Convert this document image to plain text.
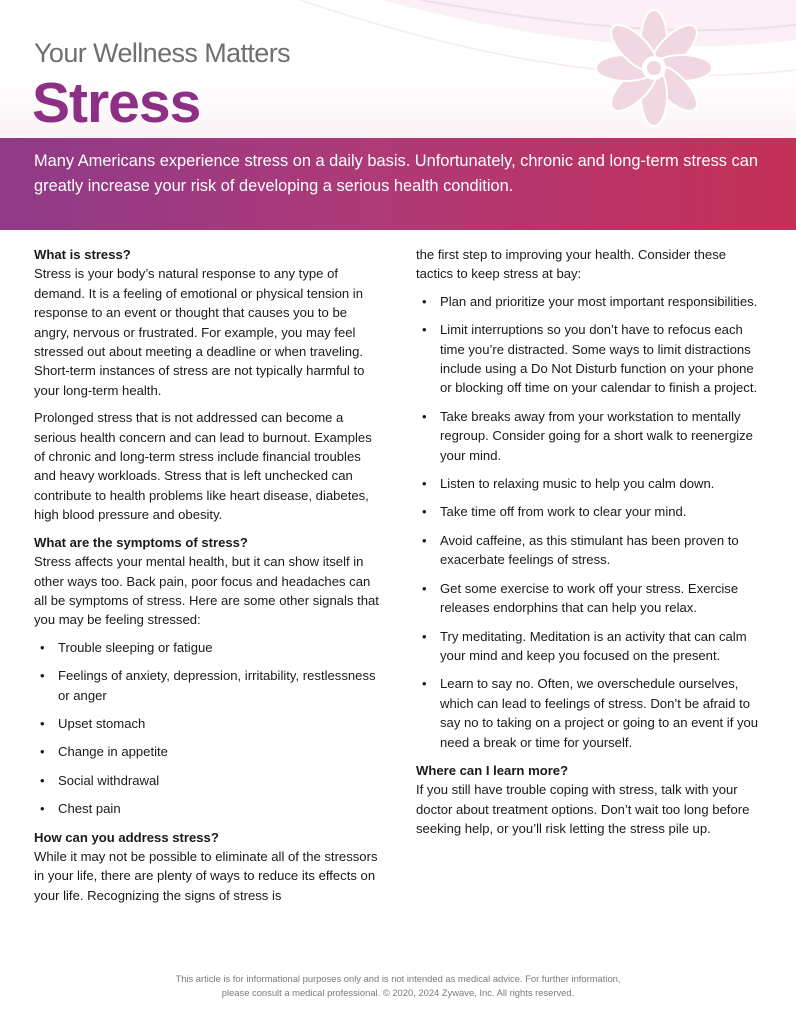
Your Wellness Matters
Stress
Many Americans experience stress on a daily basis. Unfortunately, chronic and long-term stress can greatly increase your risk of developing a serious health condition.
What is stress?

Stress is your body’s natural response to any type of demand. It is a feeling of emotional or physical tension in response to an event or thought that causes you to be angry, nervous or frustrated. For example, you may feel stressed out about meeting a deadline or when traveling. Short-term instances of stress are not typically harmful to your long-term health.

Prolonged stress that is not addressed can become a serious health concern and can lead to burnout. Examples of chronic and long-term stress include financial troubles and heavy workloads. Stress that is left unchecked can contribute to health problems like heart disease, diabetes, high blood pressure and obesity.

What are the symptoms of stress?

Stress affects your mental health, but it can show itself in other ways too. Back pain, poor focus and headaches can all be symptoms of stress. Here are some other signals that you may be feeling stressed:

• Trouble sleeping or fatigue
• Feelings of anxiety, depression, irritability, restlessness or anger
• Upset stomach
• Change in appetite
• Social withdrawal
• Chest pain
How can you address stress?

While it may not be possible to eliminate all of the stressors in your life, there are plenty of ways to reduce its effects on your life. Recognizing the signs of stress is

the first step to improving your health. Consider these tactics to keep stress at bay:

• Plan and prioritize your most important responsibilities.
• Limit interruptions so you don’t have to refocus each time you’re distracted. Some ways to limit distractions include using a Do Not Disturb function on your phone or blocking off time on your calendar to finish a project.
• Take breaks away from your workstation to mentally regroup. Consider going for a short walk to reenergize your mind.
• Listen to relaxing music to help you calm down.
• Take time off from work to clear your mind.
• Avoid caffeine, as this stimulant has been proven to exacerbate feelings of stress.
• Get some exercise to work off your stress. Exercise releases endorphins that can help you relax.
• Try meditating. Meditation is an activity that can calm your mind and keep you focused on the present.
• Learn to say no. Often, we overschedule ourselves, which can lead to feelings of stress. Don’t be afraid to say no to taking on a project or going to an event if you need a break or time for yourself.
Where can I learn more?

If you still have trouble coping with stress, talk with your doctor about treatment options. Don’t wait too long before seeking help, or you’ll risk letting the stress pile up.

This article is for informational purposes only and is not intended as medical advice. For further information,
please consult a medical professional. © 2020, 2024 Zywave, Inc. All rights reserved.
